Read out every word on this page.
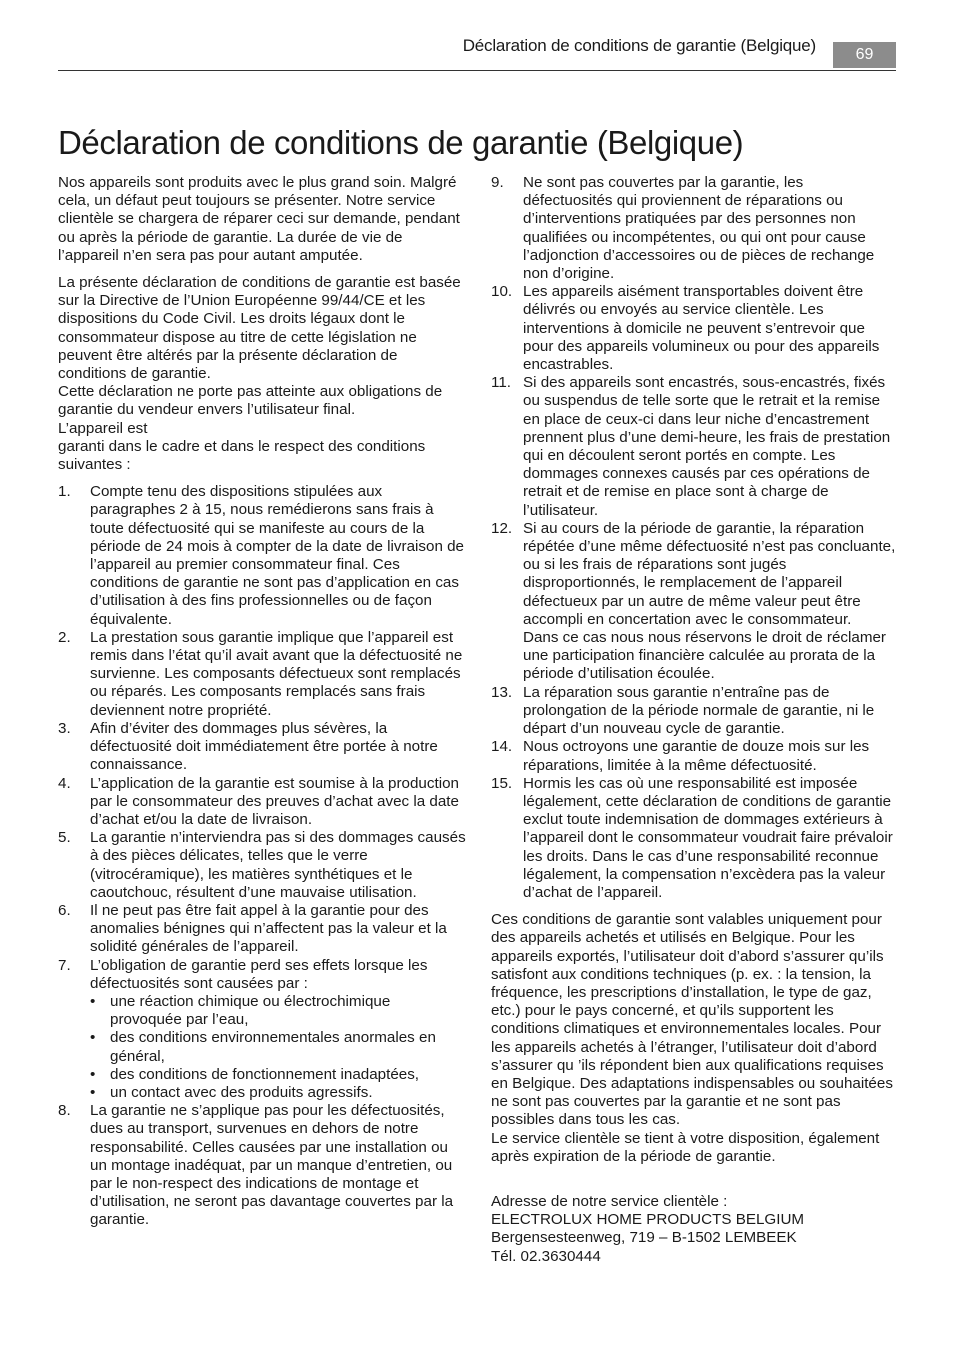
Déclaration de conditions de garantie (Belgique)	69
Déclaration de conditions de garantie (Belgique)

Nos appareils sont produits avec le plus grand soin. Malgré cela, un défaut peut toujours se présenter. Notre service clientèle se chargera de réparer ceci sur demande, pendant ou après la période de garantie. La durée de vie de l’appareil n’en sera pas pour autant amputée.

La présente déclaration de conditions de garantie est basée sur la Directive de l’Union Européenne 99/44/CE et les dispositions du Code Civil. Les droits légaux dont le consommateur dispose au titre de cette législation ne peuvent être altérés par la présente déclaration de conditions de garantie.

Cette déclaration ne porte pas atteinte aux obligations de garantie du vendeur envers l’utilisateur final.

L’appareil est

garanti dans le cadre et dans le respect des conditions suivantes :

1. Compte tenu des dispositions stipulées aux paragraphes 2 à 15, nous remédierons sans frais à toute défectuosité qui se manifeste au cours de la période de 24 mois à compter de la date de livraison de l’appareil au premier consommateur final. Ces conditions de garantie ne sont pas d’application en cas d’utilisation à des fins professionnelles ou de façon équivalente.
2. La prestation sous garantie implique que l’appareil est remis dans l’état qu’il avait avant que la défectuosité ne survienne. Les composants défectueux sont remplacés ou réparés. Les composants remplacés sans frais deviennent notre propriété.
3. Afin d’éviter des dommages plus sévères, la défectuosité doit immédiatement être portée à notre connaissance.
4. L’application de la garantie est soumise à la production par le consommateur des preuves d’achat avec la date d’achat et/ou la date de livraison.
5. La garantie n’interviendra pas si des dommages causés à des pièces délicates, telles que le verre (vitrocéramique), les matières synthétiques et le caoutchouc, résultent d’une mauvaise utilisation.
6. Il ne peut pas être fait appel à la garantie pour des anomalies bénignes qui n’affectent pas la valeur et la solidité générales de l’appareil.
7. L’obligation de garantie perd ses effets lorsque les défectuosités sont causées par :
• une réaction chimique ou électrochimique provoquée par l’eau,
• des conditions environnementales anormales en général,
• des conditions de fonctionnement inadaptées,
• un contact avec des produits agressifs.
8. La garantie ne s’applique pas pour les défectuosités, dues au transport, survenues en dehors de notre responsabilité. Celles causées par une installation ou un montage inadéquat, par un manque d’entretien, ou par le non-respect des indications de montage et d’utilisation, ne seront pas davantage couvertes par la garantie.
9. Ne sont pas couvertes par la garantie, les défectuosités qui proviennent de réparations ou d’interventions pratiquées par des personnes non qualifiées ou incompétentes, ou qui ont pour cause l’adjonction d’accessoires ou de pièces de rechange non d’origine.
10. Les appareils aisément transportables doivent être délivrés ou envoyés au service clientèle. Les interventions à domicile ne peuvent s’entrevoir que pour des appareils volumineux ou pour des appareils encastrables.
11. Si des appareils sont encastrés, sous-encastrés, fixés ou suspendus de telle sorte que le retrait et la remise en place de ceux-ci dans leur niche d’encastrement prennent plus d’une demi-heure, les frais de prestation qui en découlent seront portés en compte. Les dommages connexes causés par ces opérations de retrait et de remise en place sont à charge de l’utilisateur.
12. Si au cours de la période de garantie, la réparation répétée d’une même défectuosité n’est pas concluante, ou si les frais de réparations sont jugés disproportionnés, le remplacement de l’appareil défectueux par un autre de même valeur peut être accompli en concertation avec le consommateur.
Dans ce cas nous nous réservons le droit de réclamer une participation financière calculée au prorata de la période d’utilisation écoulée.
13. La réparation sous garantie n’entraîne pas de prolongation de la période normale de garantie, ni le départ d’un nouveau cycle de garantie.
14. Nous octroyons une garantie de douze mois sur les réparations, limitée à la même défectuosité.
15. Hormis les cas où une responsabilité est imposée légalement, cette déclaration de conditions de garantie exclut toute indemnisation de dommages extérieurs à l’appareil dont le consommateur voudrait faire prévaloir les droits. Dans le cas d’une responsabilité reconnue légalement, la compensation n’excèdera pas la valeur d’achat de l’appareil.

Ces conditions de garantie sont valables uniquement pour des appareils achetés et utilisés en Belgique. Pour les appareils exportés, l’utilisateur doit d’abord s’assurer qu’ils satisfont aux conditions techniques (p. ex. : la tension, la fréquence, les prescriptions d’installation, le type de gaz, etc.) pour le pays concerné, et qu’ils supportent les conditions climatiques et environnementales locales. Pour les appareils achetés à l’étranger, l’utilisateur doit d’abord s’assurer qu ’ils répondent bien aux qualifications requises en Belgique. Des adaptations indispensables ou souhaitées ne sont pas couvertes par la garantie et ne sont pas possibles dans tous les cas.

Le service clientèle se tient à votre disposition, également après expiration de la période de garantie.

Adresse de notre service clientèle :
ELECTROLUX HOME PRODUCTS BELGIUM
Bergensesteenweg, 719 – B-1502 LEMBEEK
Tél. 02.3630444
